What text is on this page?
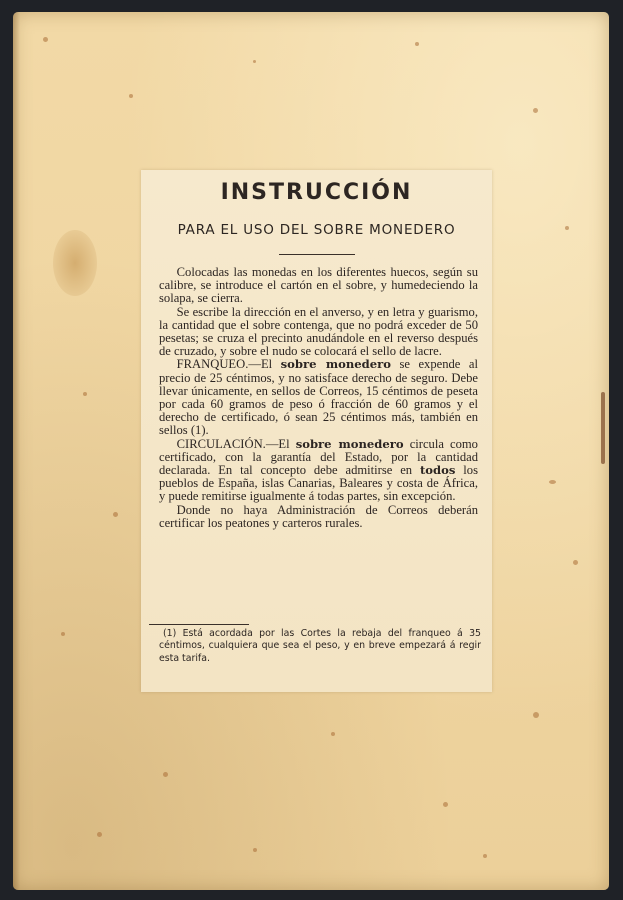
INSTRUCCIÓN
PARA EL USO DEL SOBRE MONEDERO

Colocadas las monedas en los diferentes huecos, según su calibre, se introduce el cartón en el sobre, y humedeciendo la solapa, se cierra.

Se escribe la dirección en el anverso, y en letra y guarismo, la cantidad que el sobre contenga, que no podrá exceder de 50 pesetas; se cruza el precinto anudándole en el reverso después de cruzado, y sobre el nudo se colocará el sello de lacre.

FRANQUEO.—El sobre monedero se expende al precio de 25 céntimos, y no satisface derecho de seguro. Debe llevar únicamente, en sellos de Correos, 15 céntimos de peseta por cada 60 gramos de peso ó fracción de 60 gramos y el derecho de certificado, ó sean 25 céntimos más, también en sellos (1).

CIRCULACIÓN.—El sobre monedero circula como certificado, con la garantía del Estado, por la cantidad declarada. En tal concepto debe admitirse en todos los pueblos de España, islas Canarias, Baleares y costa de África, y puede remitirse igualmente á todas partes, sin excepción.

Donde no haya Administración de Correos deberán certificar los peatones y carteros rurales.

(1) Está acordada por las Cortes la rebaja del franqueo á 35 céntimos, cualquiera que sea el peso, y en breve empezará á regir esta tarifa.
